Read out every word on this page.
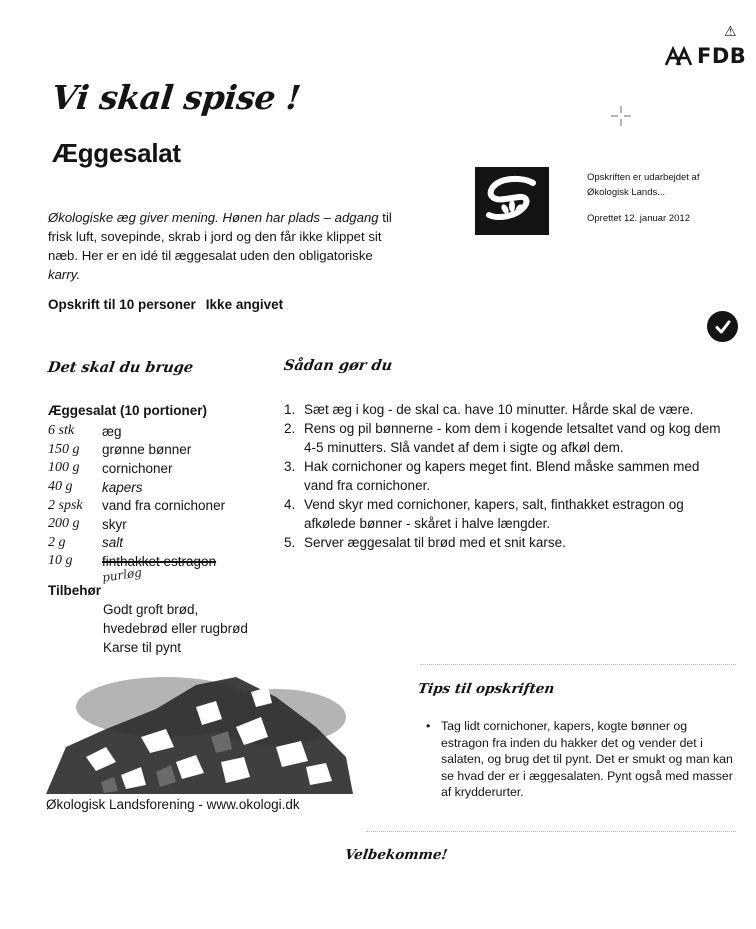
⚠
FDB
Vi skal spise !
Æggesalat
Opskriften er udarbejdet af Økologisk Lands...
Oprettet 12. januar 2012
Økologiske æg giver mening. Hønen har plads – adgang til frisk luft, sovepinde, skrab i jord og den får ikke klippet sit næb. Her er en idé til æggesalat uden den obligatoriske karry.
Opskrift til 10 personer Ikke angivet
Det skal du bruge	Sådan gør du
Æggesalat (10 portioner)
6 stk	æg
150 g	grønne bønner
100 g	cornichoner
40 g	kapers
2 spsk	vand fra cornichoner
200 g	skyr
2 g	salt
10 g	finthakket estragon
purløg
Tilbehør
Godt groft brød,
hvedebrød eller rugbrød
Karse til pynt
1. Sæt æg i kog - de skal ca. have 10 minutter. Hårde skal de være.
2. Rens og pil bønnerne - kom dem i kogende letsaltet vand og kog dem 4-5 minutters. Slå vandet af dem i sigte og afkøl dem.
3. Hak cornichoner og kapers meget fint. Blend måske sammen med vand fra cornichoner.
4. Vend skyr med cornichoner, kapers, salt, finthakket estragon og afkølede bønner - skåret i halve længder.
5. Server æggesalat til brød med et snit karse.
Økologisk Landsforening - www.okologi.dk
Tips til opskriften
• Tag lidt cornichoner, kapers, kogte bønner og estragon fra inden du hakker det og vender det i salaten, og brug det til pynt. Det er smukt og man kan se hvad der er i æggesalaten. Pynt også med masser af krydderurter.
Velbekomme!
